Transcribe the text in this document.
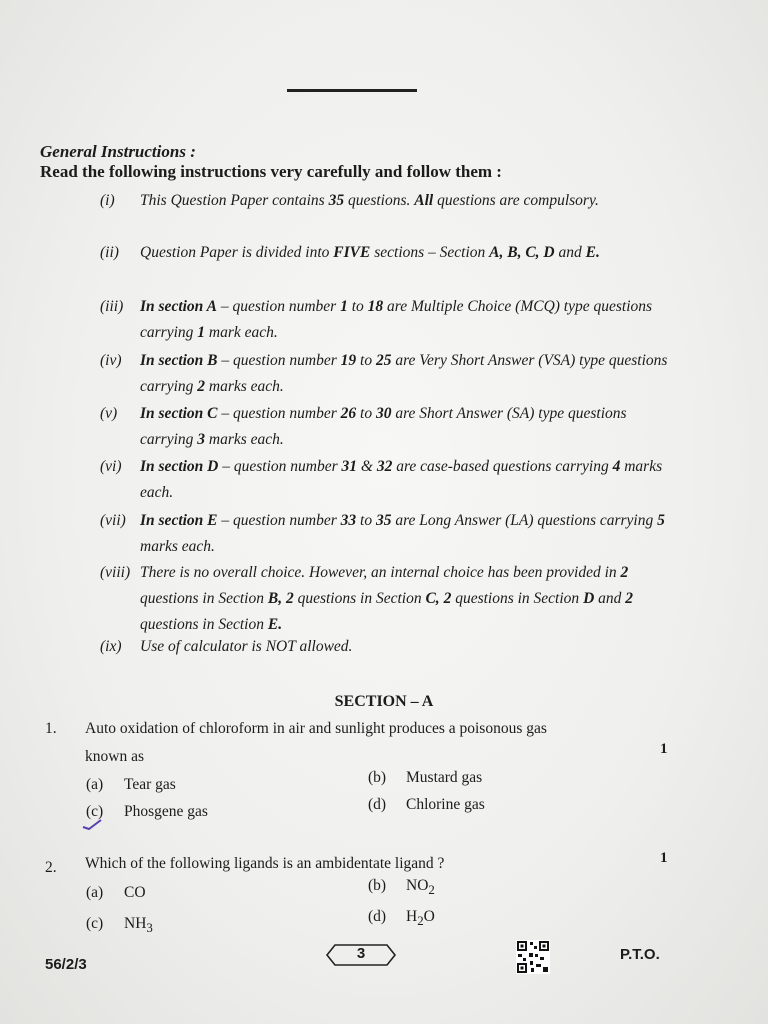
General Instructions :
Read the following instructions very carefully and follow them :
(i)	This Question Paper contains 35 questions. All questions are compulsory.
(ii)	Question Paper is divided into FIVE sections – Section A, B, C, D and E.
(iii)	In section A – question number 1 to 18 are Multiple Choice (MCQ) type questions carrying 1 mark each.
(iv)	In section B – question number 19 to 25 are Very Short Answer (VSA) type questions carrying 2 marks each.
(v)	In section C – question number 26 to 30 are Short Answer (SA) type questions carrying 3 marks each.
(vi)	In section D – question number 31 & 32 are case-based questions carrying 4 marks each.
(vii) In section E – question number 33 to 35 are Long Answer (LA) questions carrying 5 marks each.
(viii) There is no overall choice. However, an internal choice has been provided in 2 questions in Section B, 2 questions in Section C, 2 questions in Section D and 2 questions in Section E.
(ix)	Use of calculator is NOT allowed.
SECTION – A
1. Auto oxidation of chloroform in air and sunlight produces a poisonous gas
known as	1
(a) Tear gas	(b) Mustard gas
(c) Phosgene gas	(d) Chlorine gas
2. Which of the following ligands is an ambidentate ligand ?	1
(a) CO	(b) $NO_2$
(c) $NH_3$
(d) $H_2O$
56/2/3
3	P.T.O.
